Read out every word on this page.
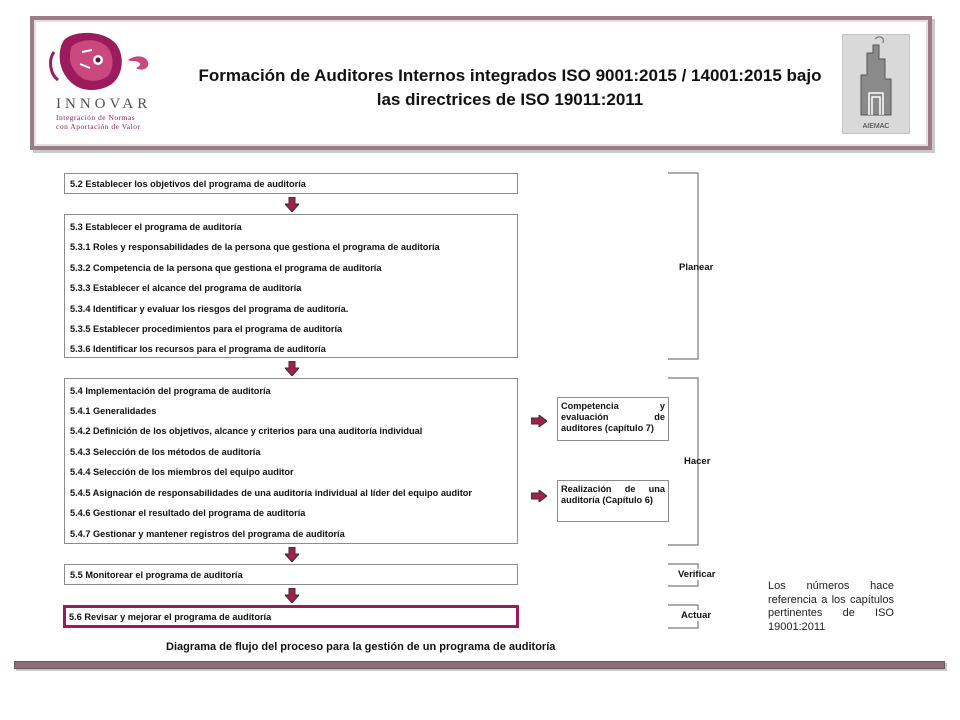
INNOVAR
Integración de Normas
con Aportación de Valor
Formación de Auditores Internos integrados ISO 9001:2015 / 14001:2015 bajo las directrices de ISO 19011:2011
AIEMAC
5.2 Establecer los objetivos del programa de auditoría
5.3 Establecer el programa de auditoría
5.3.1 Roles y responsabilidades de la persona que gestiona el programa de auditoría
5.3.2 Competencia de la persona que gestiona el programa de auditoría
5.3.3 Establecer el alcance del programa de auditoría
5.3.4 Identificar y evaluar los riesgos del programa de auditoría.
5.3.5 Establecer procedimientos para el programa de auditoría
5.3.6 Identificar los recursos para el programa de auditoría
5.4 Implementación del programa de auditoría
5.4.1 Generalidades
5.4.2 Definición de los objetivos, alcance y criterios para una auditoría individual
5.4.3 Selección de los métodos de auditoría
5.4.4 Selección de los miembros del equipo auditor
5.4.5 Asignación de responsabilidades de una auditoría individual al líder del equipo auditor
5.4.6 Gestionar el resultado del programa de auditoría
5.4.7 Gestionar y mantener registros del programa de auditoría
5.5 Monitorear el programa de auditoría
5.6 Revisar y mejorar el programa de auditoría
Competencia y evaluación de auditores (capítulo 7)
Realización de una auditoría (Capítulo 6)
Planear
Hacer
Verificar
Actuar
Diagrama de flujo del proceso para la gestión de un programa de auditoría
Los números hace referencia a los capítulos pertinentes de ISO 19001:2011
